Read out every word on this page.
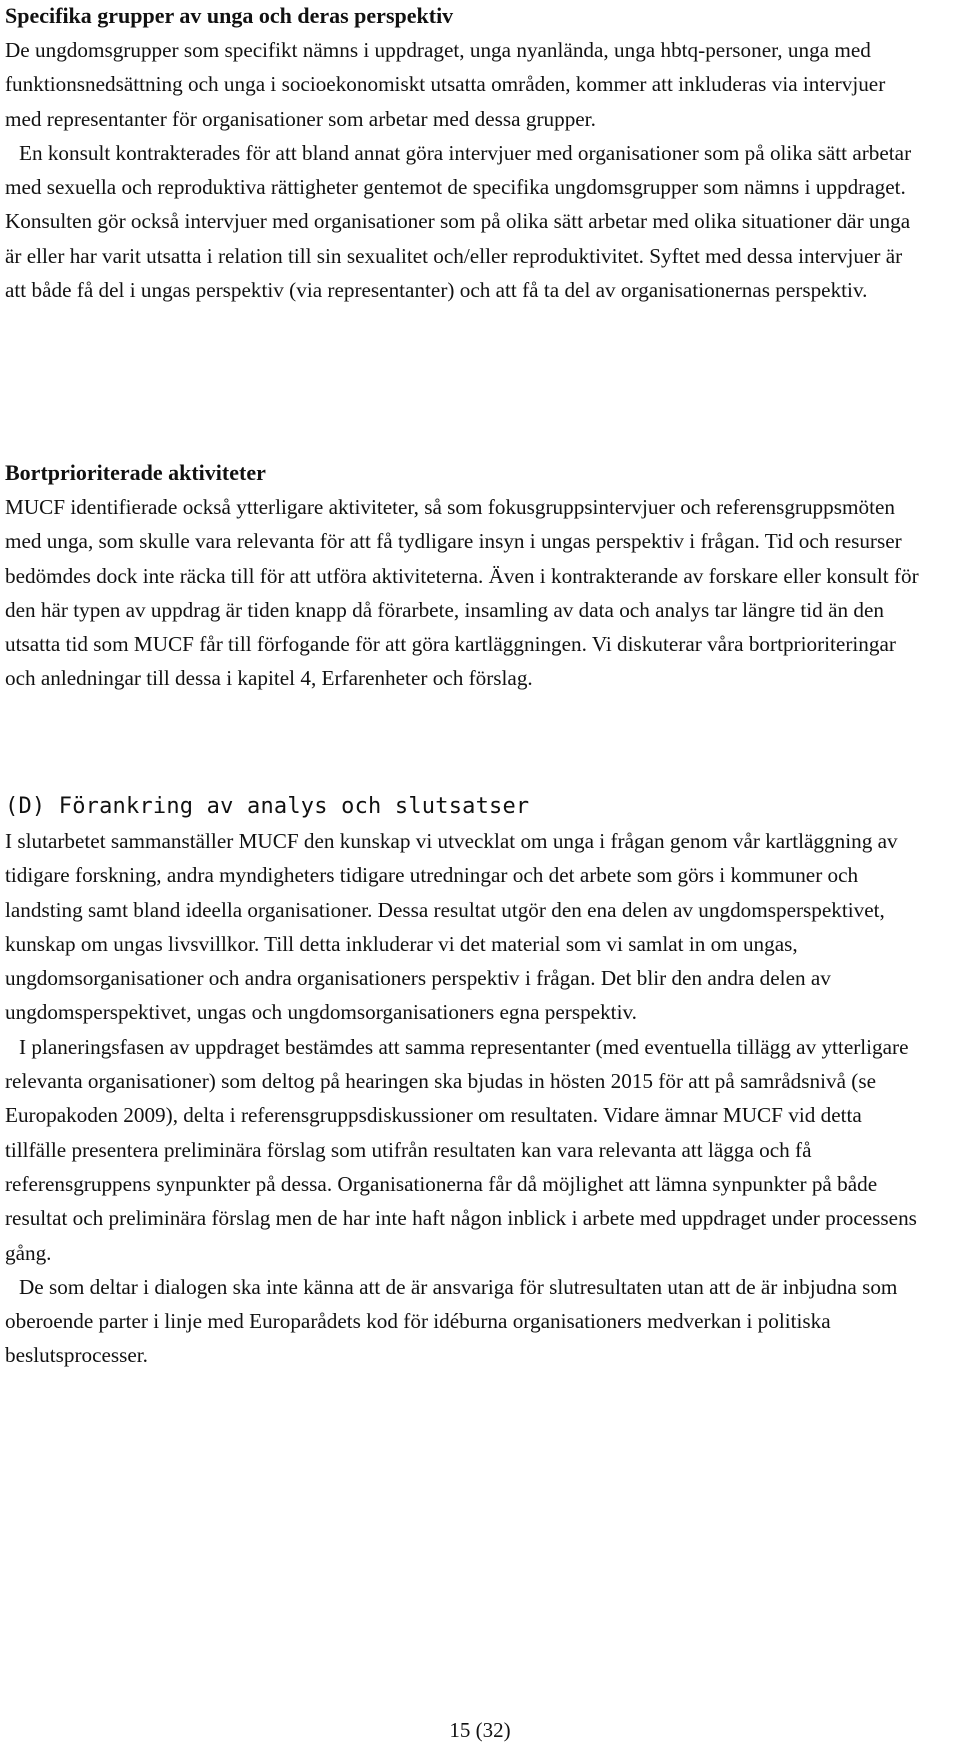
Specifika grupper av unga och deras perspektiv

De ungdomsgrupper som specifikt nämns i uppdraget, unga nyanlända, unga hbtq-personer, unga med funktionsnedsättning och unga i socioekonomiskt utsatta områden, kommer att inkluderas via intervjuer med representanter för organisationer som arbetar med dessa grupper.

En konsult kontrakterades för att bland annat göra intervjuer med organisationer som på olika sätt arbetar med sexuella och reproduktiva rättigheter gentemot de specifika ungdomsgrupper som nämns i uppdraget. Konsulten gör också intervjuer med organisationer som på olika sätt arbetar med olika situationer där unga är eller har varit utsatta i relation till sin sexualitet och/eller reproduktivitet. Syftet med dessa intervjuer är att både få del i ungas perspektiv (via representanter) och att få ta del av organisationernas perspektiv.

Bortprioriterade aktiviteter

MUCF identifierade också ytterligare aktiviteter, så som fokusgruppsintervjuer och referensgruppsmöten med unga, som skulle vara relevanta för att få tydligare insyn i ungas perspektiv i frågan. Tid och resurser bedömdes dock inte räcka till för att utföra aktiviteterna. Även i kontrakterande av forskare eller konsult för den här typen av uppdrag är tiden knapp då förarbete, insamling av data och analys tar längre tid än den utsatta tid som MUCF får till förfogande för att göra kartläggningen. Vi diskuterar våra bortprioriteringar och anledningar till dessa i kapitel 4, Erfarenheter och förslag.

(D) Förankring av analys och slutsatser

I slutarbetet sammanställer MUCF den kunskap vi utvecklat om unga i frågan genom vår kartläggning av tidigare forskning, andra myndigheters tidigare utredningar och det arbete som görs i kommuner och landsting samt bland ideella organisationer. Dessa resultat utgör den ena delen av ungdomsperspektivet, kunskap om ungas livsvillkor. Till detta inkluderar vi det material som vi samlat in om ungas, ungdomsorganisationer och andra organisationers perspektiv i frågan. Det blir den andra delen av ungdomsperspektivet, ungas och ungdomsorganisationers egna perspektiv.

I planeringsfasen av uppdraget bestämdes att samma representanter (med eventuella tillägg av ytterligare relevanta organisationer) som deltog på hearingen ska bjudas in hösten 2015 för att på samrådsnivå (se Europakoden 2009), delta i referensgruppsdiskussioner om resultaten. Vidare ämnar MUCF vid detta tillfälle presentera preliminära förslag som utifrån resultaten kan vara relevanta att lägga och få referensgruppens synpunkter på dessa. Organisationerna får då möjlighet att lämna synpunkter på både resultat och preliminära förslag men de har inte haft någon inblick i arbete med uppdraget under processens gång.

De som deltar i dialogen ska inte känna att de är ansvariga för slutresultaten utan att de är inbjudna som oberoende parter i linje med Europarådets kod för idéburna organisationers medverkan i politiska beslutsprocesser.

15 (32)
